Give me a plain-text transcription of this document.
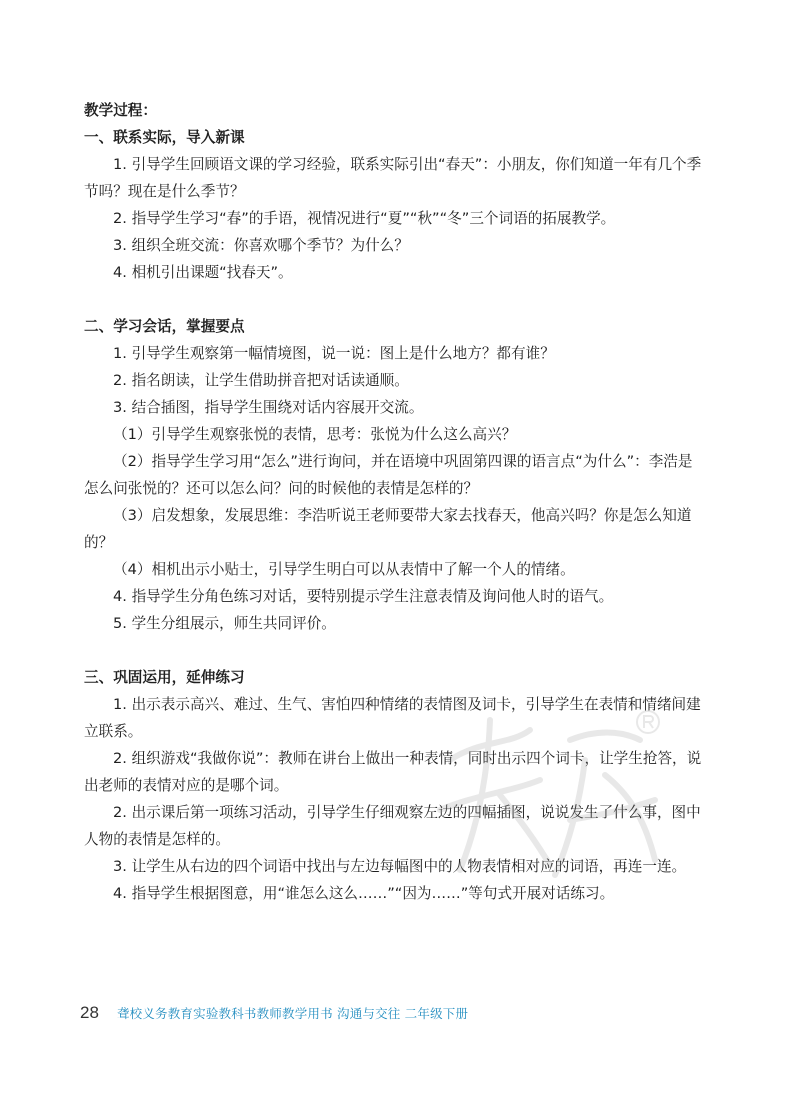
教学过程：
一、联系实际，导入新课
1. 引导学生回顾语文课的学习经验，联系实际引出“春天”：小朋友，你们知道一年有几个季节吗？现在是什么季节？
2. 指导学生学习“春”的手语，视情况进行“夏”“秋”“冬”三个词语的拓展教学。
3. 组织全班交流：你喜欢哪个季节？为什么？
4. 相机引出课题“找春天”。
二、学习会话，掌握要点
1. 引导学生观察第一幅情境图，说一说：图上是什么地方？都有谁？
2. 指名朗读，让学生借助拼音把对话读通顺。
3. 结合插图，指导学生围绕对话内容展开交流。
（1）引导学生观察张悦的表情，思考：张悦为什么这么高兴？
（2）指导学生学习用“怎么”进行询问，并在语境中巩固第四课的语言点“为什么”：李浩是怎么问张悦的？还可以怎么问？问的时候他的表情是怎样的？
（3）启发想象，发展思维：李浩听说王老师要带大家去找春天，他高兴吗？你是怎么知道的？
（4）相机出示小贴士，引导学生明白可以从表情中了解一个人的情绪。
4. 指导学生分角色练习对话，要特别提示学生注意表情及询问他人时的语气。
5. 学生分组展示，师生共同评价。
三、巩固运用，延伸练习
1. 出示表示高兴、难过、生气、害怕四种情绪的表情图及词卡，引导学生在表情和情绪间建立联系。
2. 组织游戏“我做你说”：教师在讲台上做出一种表情，同时出示四个词卡，让学生抢答，说出老师的表情对应的是哪个词。
2. 出示课后第一项练习活动，引导学生仔细观察左边的四幅插图，说说发生了什么事，图中人物的表情是怎样的。
3. 让学生从右边的四个词语中找出与左边每幅图中的人物表情相对应的词语，再连一连。
4. 指导学生根据图意，用“谁怎么这么……”“因为……”等句式开展对话练习。
28 聋校义务教育实验教科书教师教学用书 沟通与交往 二年级下册
